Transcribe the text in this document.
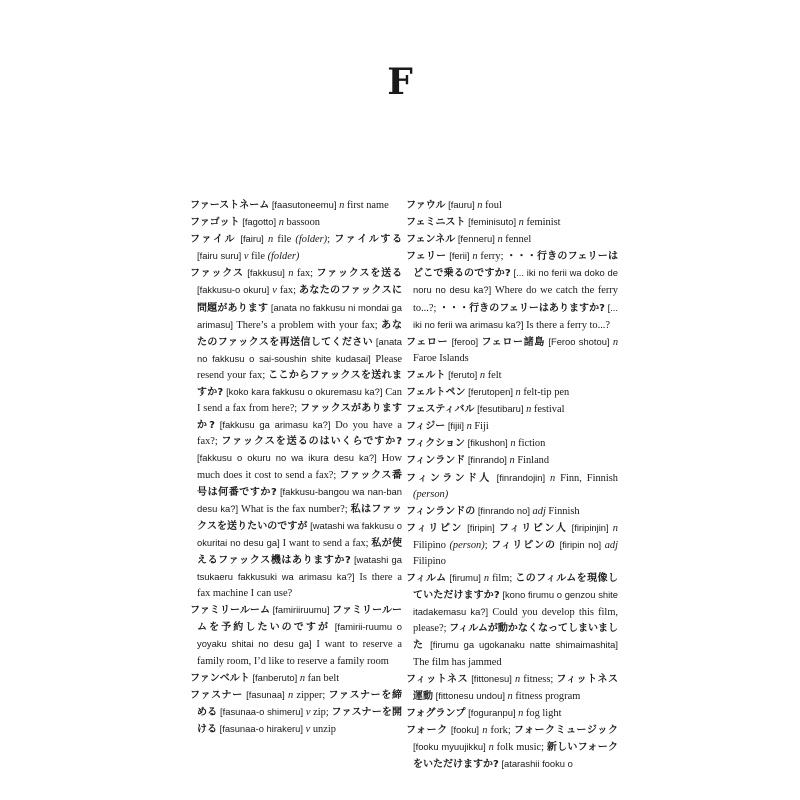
F

ファーストネーム [faasutoneemu] n first name

ファゴット [fagotto] n bassoon

ファイル [fairu] n file (folder); ファイルする [fairu suru] v file (folder)

ファックス [fakkusu] n fax; ファックスを送る [fakkusu-o okuru] v fax; あなたのファックスに問題があります [anata no fakkusu ni mondai ga arimasu] There’s a problem with your fax; あなたのファックスを再送信してください [anata no fakkusu o sai-soushin shite kudasai] Please resend your fax; ここからファックスを送れますか? [koko kara fakkusu o okuremasu ka?] Can I send a fax from here?; ファックスがありますか? [fakkusu ga arimasu ka?] Do you have a fax?; ファックスを送るのはいくらですか? [fakkusu o okuru no wa ikura desu ka?] How much does it cost to send a fax?; ファックス番号は何番ですか? [fakkusu-bangou wa nan-ban desu ka?] What is the fax number?; 私はファックスを送りたいのですが [watashi wa fakkusu o okuritai no desu ga] I want to send a fax; 私が使えるファックス機はありますか? [watashi ga tsukaeru fakkusuki wa arimasu ka?] Is there a fax machine I can use?

ファミリールーム [famiriiruumu] ファミリールームを予約したいのですが [famirii-ruumu o yoyaku shitai no desu ga] I want to reserve a family room, I’d like to reserve a family room

ファンベルト [fanberuto] n fan belt

ファスナー [fasunaa] n zipper; ファスナーを締める [fasunaa-o shimeru] v zip; ファスナーを開ける [fasunaa-o hirakeru] v unzip

ファウル [fauru] n foul

フェミニスト [feminisuto] n feminist

フェンネル [fenneru] n fennel

フェリー [ferii] n ferry; ・・・行きのフェリーはどこで乗るのですか? [... iki no ferii wa doko de noru no desu ka?] Where do we catch the ferry to...?; ・・・行きのフェリーはありますか? [... iki no ferii wa arimasu ka?] Is there a ferry to...?

フェロー [feroo] フェロー諸島 [Feroo shotou] n Faroe Islands

フェルト [feruto] n felt

フェルトペン [ferutopen] n felt-tip pen

フェスティバル [fesutibaru] n festival

フィジー [fijii] n Fiji

フィクション [fikushon] n fiction

フィンランド [finrando] n Finland

フィンランド人 [finrandojin] n Finn, Finnish (person)

フィンランドの [finrando no] adj Finnish

フィリピン [firipin] フィリピン人 [firipinjin] n Filipino (person); フィリピンの [firipin no] adj Filipino

フィルム [firumu] n film; このフィルムを現像していただけますか? [kono firumu o genzou shite itadakemasu ka?] Could you develop this film, please?; フィルムが動かなくなってしまいました [firumu ga ugokanaku natte shimaimashita] The film has jammed

フィットネス [fittonesu] n fitness; フィットネス運動 [fittonesu undou] n fitness program

フォグランプ [foguranpu] n fog light

フォーク [fooku] n fork; フォークミュージック [fooku myuujikku] n folk music; 新しいフォークをいただけますか? [atarashii fooku o
